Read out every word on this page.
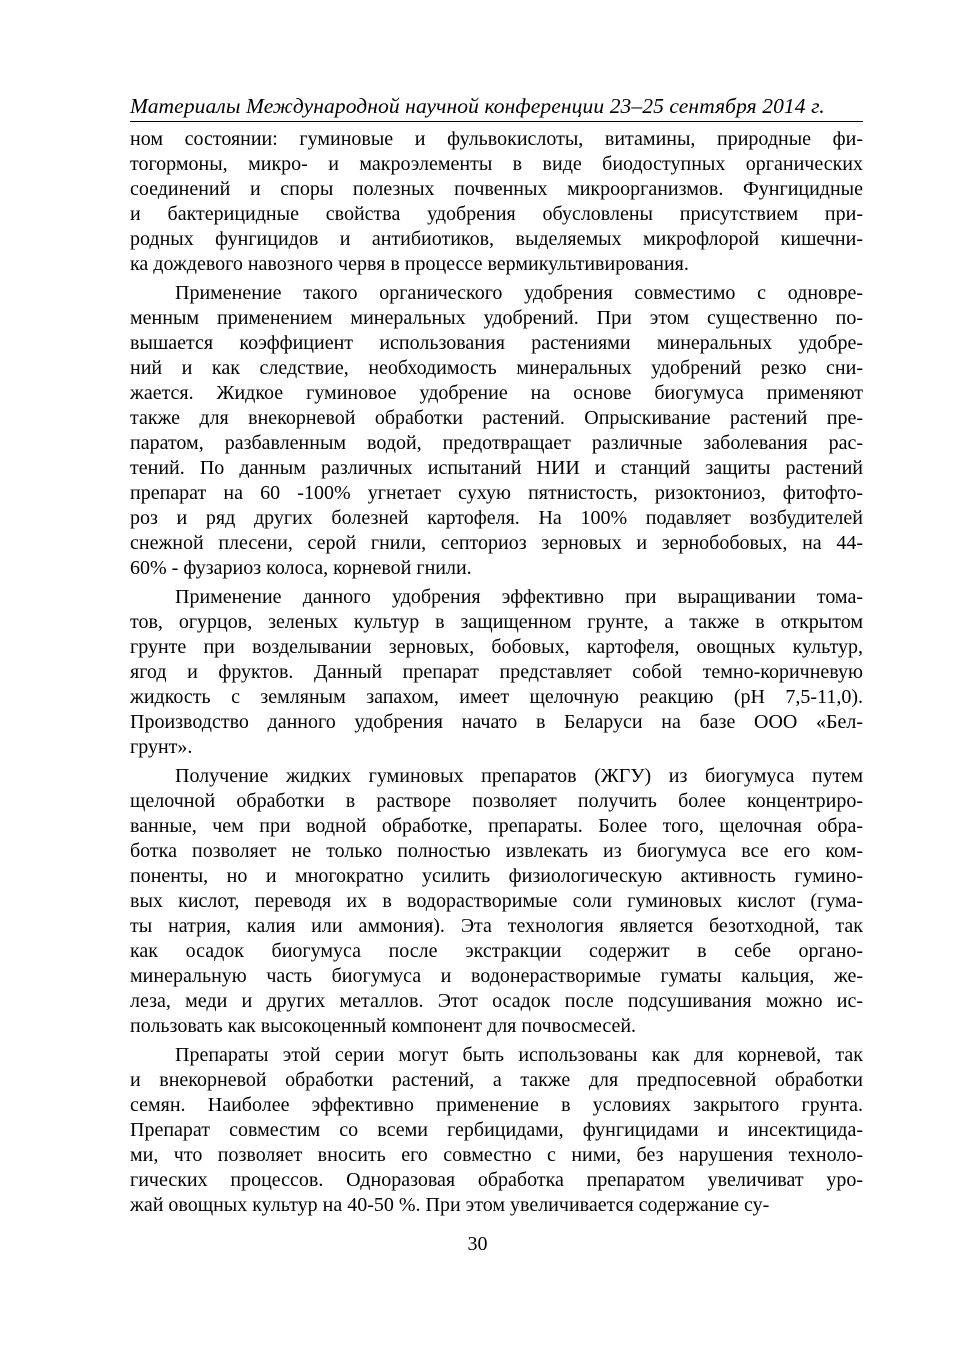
Материалы Международной научной конференции 23–25 сентября 2014 г.
ном состоянии: гуминовые и фульвокислоты, витамины, природные фи-
тогормоны, микро- и макроэлементы в виде биодоступных органических
соединений и споры полезных почвенных микроорганизмов. Фунгицидные
и бактерицидные свойства удобрения обусловлены присутствием при-
родных фунгицидов и антибиотиков, выделяемых микрофлорой кишечни-
ка дождевого навозного червя в процессе вермикультивирования.
Применение такого органического удобрения совместимо с одновре-
менным применением минеральных удобрений. При этом существенно по-
вышается коэффициент использования растениями минеральных удобре-
ний и как следствие, необходимость минеральных удобрений резко сни-
жается. Жидкое гуминовое удобрение на основе биогумуса применяют
также для внекорневой обработки растений. Опрыскивание растений пре-
паратом, разбавленным водой, предотвращает различные заболевания рас-
тений. По данным различных испытаний НИИ и станций защиты растений
препарат на 60 -100% угнетает сухую пятнистость, ризоктониоз, фитофто-
роз и ряд других болезней картофеля. На 100% подавляет возбудителей
снежной плесени, серой гнили, септориоз зерновых и зернобобовых, на 44-
60% - фузариоз колоса, корневой гнили.
Применение данного удобрения эффективно при выращивании тома-
тов, огурцов, зеленых культур в защищенном грунте, а также в открытом
грунте при возделывании зерновых, бобовых, картофеля, овощных культур,
ягод и фруктов. Данный препарат представляет собой темно-коричневую
жидкость с земляным запахом, имеет щелочную реакцию (pH 7,5-11,0).
Производство данного удобрения начато в Беларуси на базе ООО «Бел-
грунт».
Получение жидких гуминовых препаратов (ЖГУ) из биогумуса путем
щелочной обработки в растворе позволяет получить более концентриро-
ванные, чем при водной обработке, препараты. Более того, щелочная обра-
ботка позволяет не только полностью извлекать из биогумуса все его ком-
поненты, но и многократно усилить физиологическую активность гумино-
вых кислот, переводя их в водорастворимые соли гуминовых кислот (гума-
ты натрия, калия или аммония). Эта технология является безотходной, так
как осадок биогумуса после экстракции содержит в себе органо-
минеральную часть биогумуса и водонерастворимые гуматы кальция, же-
леза, меди и других металлов. Этот осадок после подсушивания можно ис-
пользовать как высокоценный компонент для почвосмесей.
Препараты этой серии могут быть использованы как для корневой, так
и внекорневой обработки растений, а также для предпосевной обработки
семян. Наиболее эффективно применение в условиях закрытого грунта.
Препарат совместим со всеми гербицидами, фунгицидами и инсектицида-
ми, что позволяет вносить его совместно с ними, без нарушения техноло-
гических процессов. Одноразовая обработка препаратом увеличиват уро-
жай овощных культур на 40-50 %. При этом увеличивается содержание су-
30
